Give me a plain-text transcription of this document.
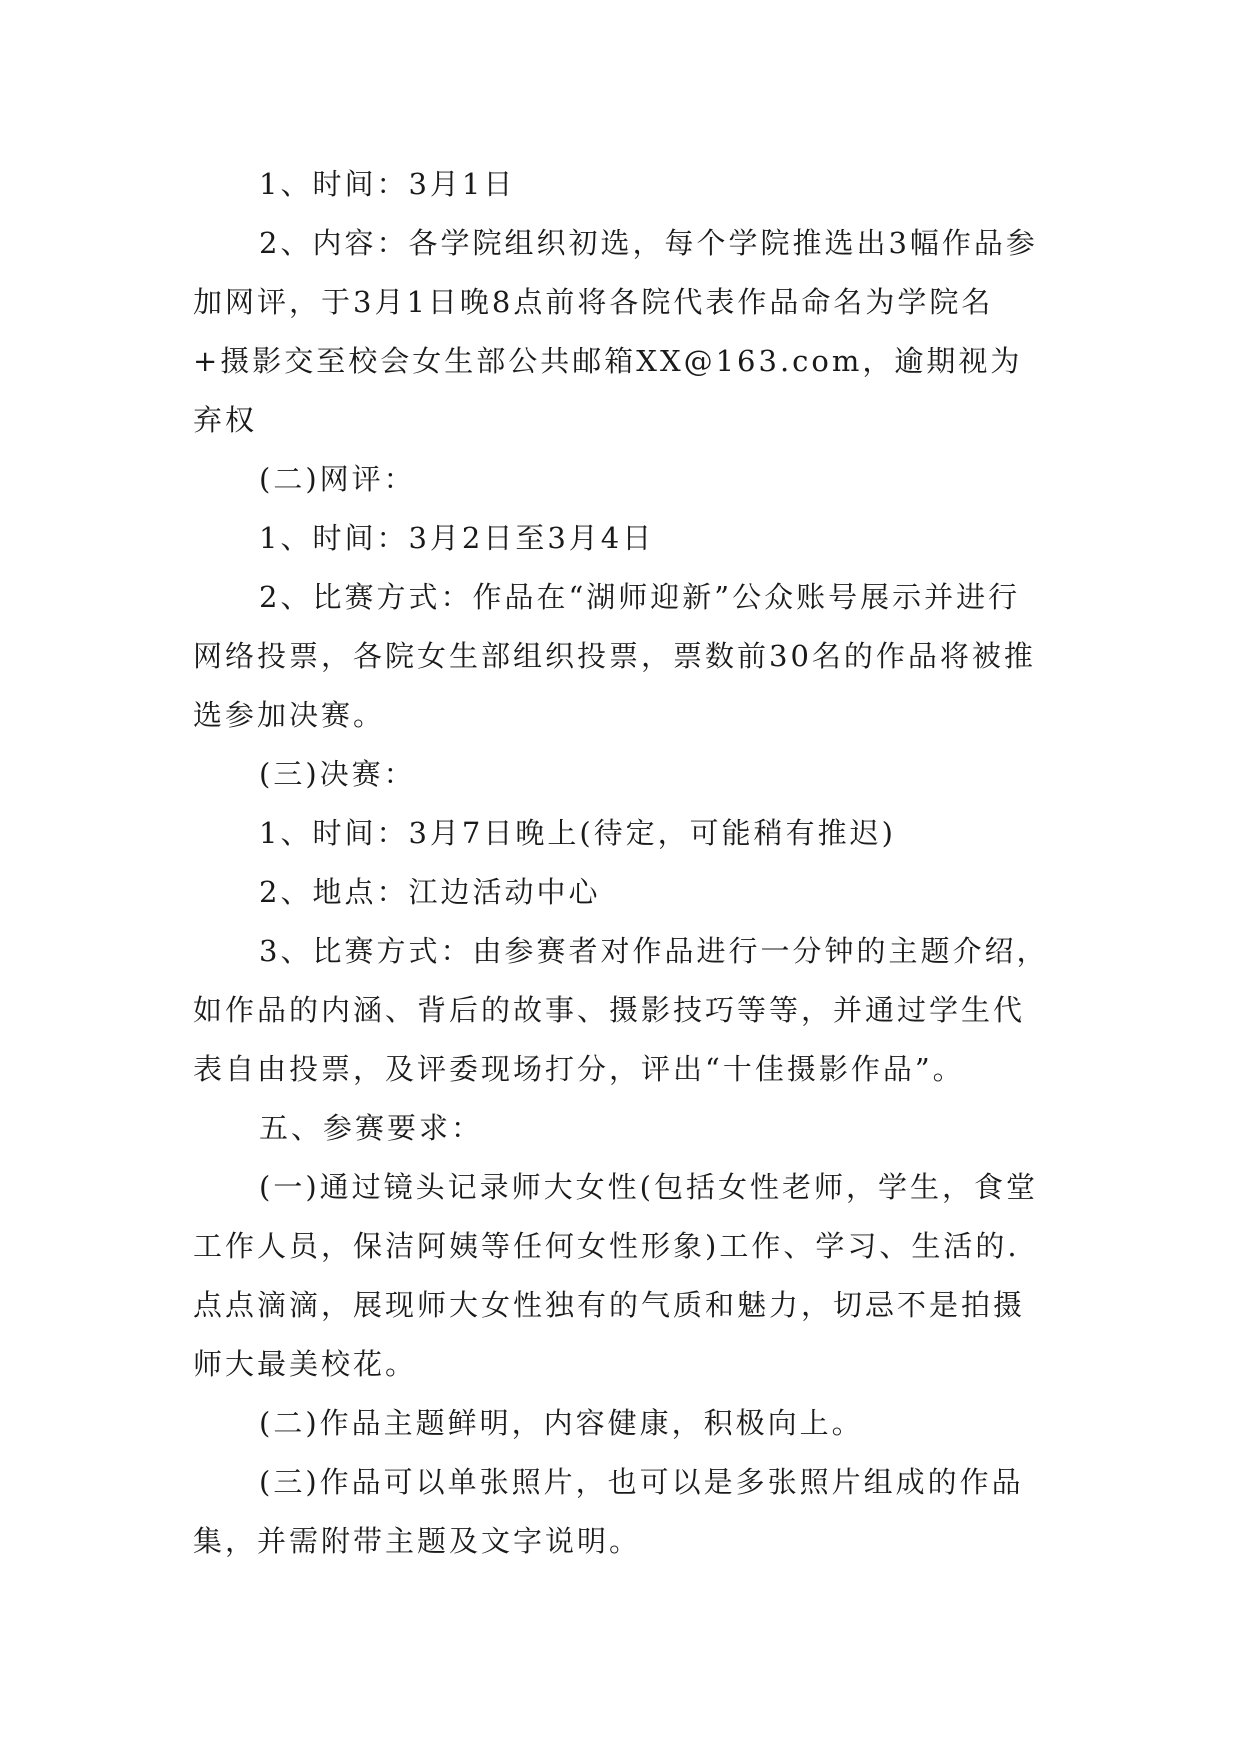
1、时间：3月1日

2、内容：各学院组织初选，每个学院推选出3幅作品参加网评，于3月1日晚8点前将各院代表作品命名为学院名+摄影交至校会女生部公共邮箱XX@163.com，逾期视为弃权

(二)网评：

1、时间：3月2日至3月4日

2、比赛方式：作品在“湖师迎新”公众账号展示并进行网络投票，各院女生部组织投票，票数前30名的作品将被推选参加决赛。

(三)决赛：

1、时间：3月7日晚上(待定，可能稍有推迟)

2、地点：江边活动中心

3、比赛方式：由参赛者对作品进行一分钟的主题介绍，如作品的内涵、背后的故事、摄影技巧等等，并通过学生代表自由投票，及评委现场打分，评出“十佳摄影作品”。

五、参赛要求：

(一)通过镜头记录师大女性(包括女性老师，学生，食堂工作人员，保洁阿姨等任何女性形象)工作、学习、生活的.点点滴滴，展现师大女性独有的气质和魅力，切忌不是拍摄师大最美校花。

(二)作品主题鲜明，内容健康，积极向上。

(三)作品可以单张照片，也可以是多张照片组成的作品集，并需附带主题及文字说明。
